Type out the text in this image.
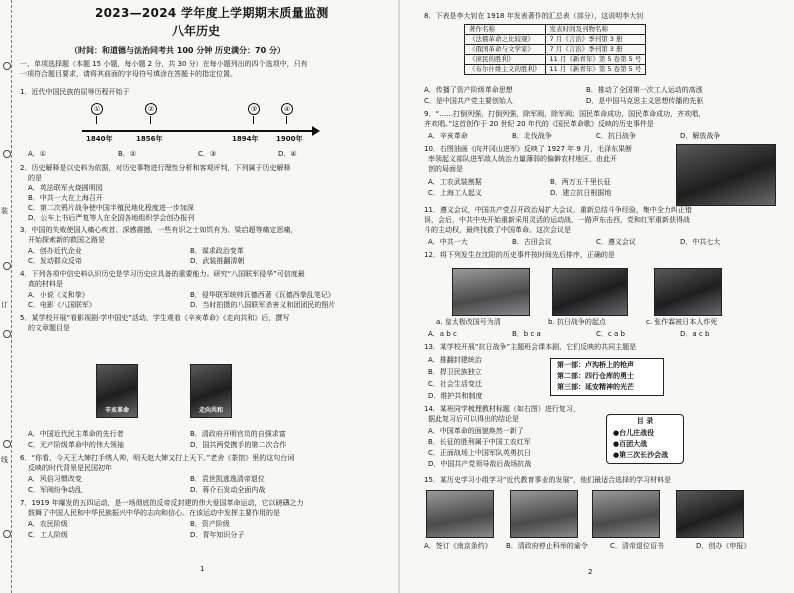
装
订
线
2023—2024 学年度上学期期末质量监测
八年历史
（时间：和道德与法治同考共 100 分钟 历史满分：70 分）
一、单项选择题（本题 15 小题，每小题 2 分，共 30 分）在每小题列出的四个选项中，只有
一项符合题目要求，请将其前面的字母符号填涂在答题卡的指定位置。
1．近代中国民族的屈辱历程开始于
①	②	③	④
1840年	1856年	1894年	1900年
A．①	B．②	C．③	D．④
2．历史解释是以史料为依据，对历史事物进行理性分析和客观评判，下列属于历史解释
的是
A．英法联军火烧圆明园
B．中共一大在上海召开
C．第二次鸦片战争使中国半殖民地化程度进一步加深
D．公车上书后严复等人在全国各地组织学会创办报刊
3．中国的失败使国人痛心疾首、深感震撼，一些有识之士如饥有为、梁启超等痛定思痛，
开始探索新的救国之路是
A．创办近代企业	B．谋求政治变革
C．发动群众反帝	D．武装推翻清朝
4．下列各项中信史料认识历史是学习历史应具备的重要能力。研究“八国联军侵华”可信度最
高的材料是
A．小说《义和拳》	B．侵华联军统帅瓦德西著《瓦德西拳乱笔记》
C．电影《八国联军》	D．当时拍摄的八国联军杀害义和团团民的照片
5．某学校开展“看影视剧·学中国史”活动，学生观看《辛亥革命》《走向共和》后，撰写
的文章题目是
辛亥革命	走向共和
A．中国近代民主革命的先行者	B．清政府开明官员的自强求富
C．无产阶级革命中的伟大领袖	D．国共两党携手的第二次合作
6．“你看，今天王大婶打手绣人帅，明天赵大婶又打上天下。”老舍《茶馆》里的这句台词
反映的时代背景是民国初年
A．风俗习惯改变	B．袁世凯逃逸清帝退位
C．军阀纷争动乱	D．蒋介石发动全面内战
7．1919 年爆发的五四运动，是一场彻底的反帝反封建的伟大爱国革命运动，它以磅礴之力
鼓舞了中国人民和中华民族振兴中华的志向和信心。在该运动中发挥主要作用的是
A．农民阶级	B．资产阶级
C．工人阶级	D．青年知识分子
1
8．下表是李大钊在 1918 年发表著作的汇总表（部分），这说明李大钊
著作名称	发表时间及刊物名称
《法俄革命之比较观》	7 月《言治》季刊第 3 册
《俄国革命与文学家》	7 月《言治》季刊第 3 册
《庶民的胜利》	11 月《新青年》第 5 卷第 5 号
《布尔什维主义的胜利》	11 月《新青年》第 5 卷第 5 号
A．传播了资产阶级革命思想	B．推动了全国第一次工人运动的高涨
C．是中国共产党主要创始人	D．是中国马克思主义思想传播的先驱
9．“……打倒列强，打倒列强，除军阀，除军阀；国民革命成功，国民革命成功，齐欢唱，
齐欢唱。”这首创作于 20 世纪 20 年代的《国民革命歌》反映的历史事件是
A．辛亥革命	B．北伐战争	C．抗日战争	D．解放战争
10．右图油画《向井冈山进军》反映了 1927 年 9 月，毛泽东果断
率领起义部队进军敌人统治力量薄弱的偏僻农村地区，由此开
创的局面是
A．工农武装割据	B．两万五千里长征
C．上海工人起义	D．建立抗日根据地
11．遵义会议，中国共产党召开政治局扩大会议，重新总结斗争经验，集中全力纠正错
误，会后，中共中央开始重新采用灵活的运动战，一路声东击西，党和红军重新获得战
斗的主动权，最终找救了中国革命。这次会议是
A．中共一大	B．古田会议	C．遵义会议	D．中共七大
12．将下列发生在沈阳的历史事件按时间先后排序，正确的是
a. 皇太极改国号为清	b. 抗日战争的起点	c. 张作霖被日本人炸死
A．a b c	B．b c a	C．c a b	D．a c b
13．某学校开展“抗日战争”主题班会课本剧，它们反映的共同主题是
A．推翻封建统治
B．捍卫民族独立
C．社会生活变迁
D．维护共和制度
第一部：卢沟桥上的枪声
第二部：四行仓库的勇士
第三部：延安精神的光芒
14．某班同学梳理教材标题（如右图）进行复习，
据此复习后可以得出的结论是
A．中国革命的面貌焕然一新了
B．长征的胜利属于中国工农红军
C．正面战场上中国军队英勇抗日
D．中国共产党领导敌后战场抗战
目 录
●台儿庄战役
●百团大战
●第三次长沙会战
15．某历史学习小组学习“近代教育事业的发展”，他们最适合选择的学习材料是
A．签订《南京条约》 B．清政府停止科举的谕令	C．清帝退位诏书	D．创办《申报》
2
